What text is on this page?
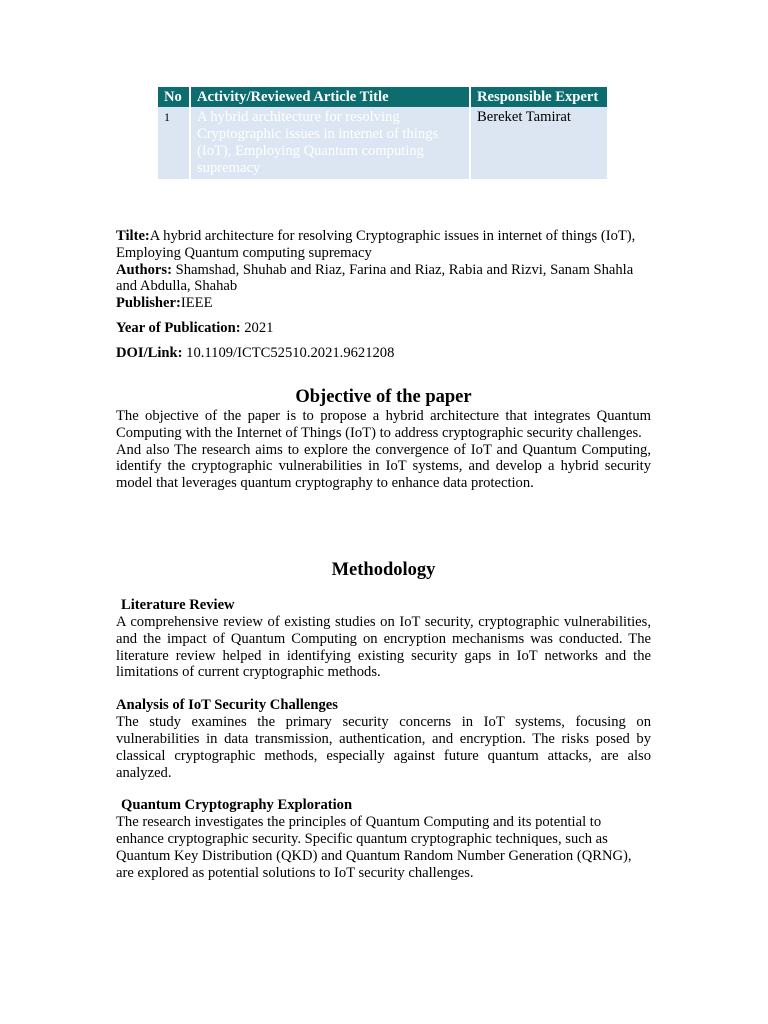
No	Activity/Reviewed Article Title	Responsible Expert
1	A hybrid architecture for resolving Cryptographic issues in internet of things (IoT), Employing Quantum computing supremacy	Bereket Tamirat

Tilte:A hybrid architecture for resolving Cryptographic issues in internet of things (IoT), Employing Quantum computing supremacy

Authors: Shamshad, Shuhab and Riaz, Farina and Riaz, Rabia and Rizvi, Sanam Shahla and Abdulla, Shahab

Publisher:IEEE

Year of Publication: 2021

DOI/Link: 10.1109/ICTC52510.2021.9621208

Objective of the paper

The objective of the paper is to propose a hybrid architecture that integrates Quantum Computing with the Internet of Things (IoT) to address cryptographic security challenges.

And also The research aims to explore the convergence of IoT and Quantum Computing, identify the cryptographic vulnerabilities in IoT systems, and develop a hybrid security model that leverages quantum cryptography to enhance data protection.

Methodology
Literature Review

A comprehensive review of existing studies on IoT security, cryptographic vulnerabilities, and the impact of Quantum Computing on encryption mechanisms was conducted. The literature review helped in identifying existing security gaps in IoT networks and the limitations of current cryptographic methods.

Analysis of IoT Security Challenges

The study examines the primary security concerns in IoT systems, focusing on vulnerabilities in data transmission, authentication, and encryption. The risks posed by classical cryptographic methods, especially against future quantum attacks, are also analyzed.

Quantum Cryptography Exploration

The research investigates the principles of Quantum Computing and its potential to enhance cryptographic security. Specific quantum cryptographic techniques, such as Quantum Key Distribution (QKD) and Quantum Random Number Generation (QRNG), are explored as potential solutions to IoT security challenges.
